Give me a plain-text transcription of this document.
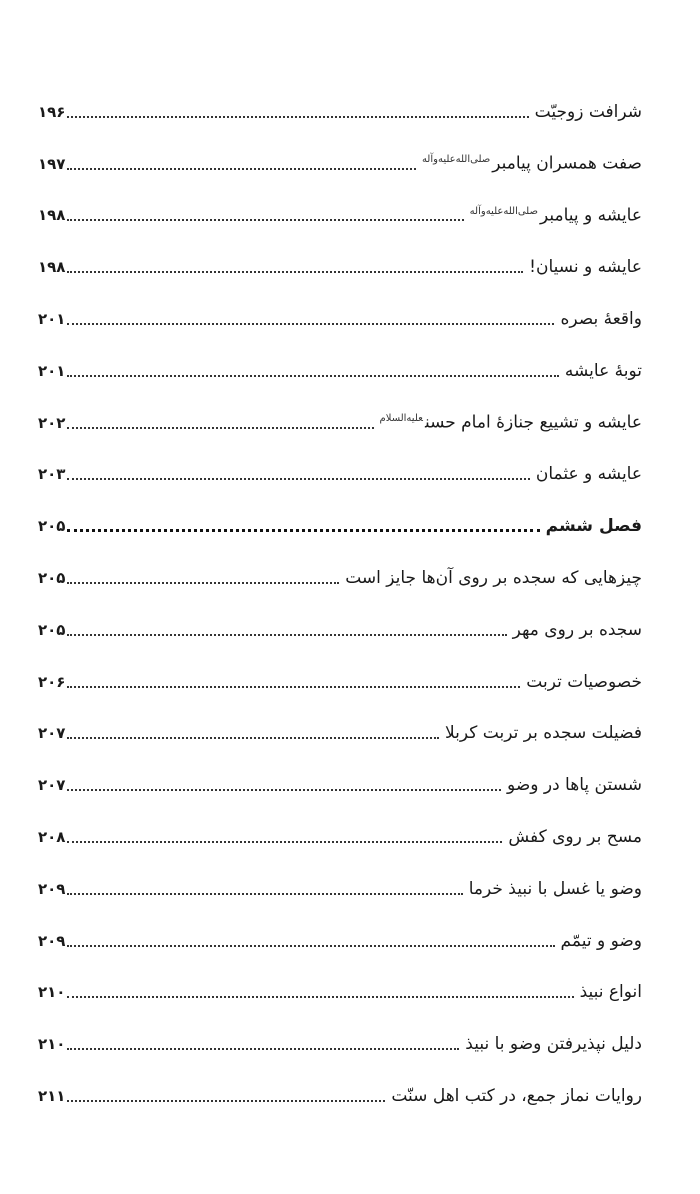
شرافت زوجیّت
۱۹۶
صفت همسران پیامبر$^{صلی‌الله‌علیه‌وآله}$
۱۹۷
عایشه و پیامبر$^{صلی‌الله‌علیه‌وآله}$
۱۹۸
عایشه و نسیان!
۱۹۸
واقعهٔ بصره
۲۰۱
توبهٔ عایشه
۲۰۱
عایشه و تشییع جنازهٔ امام حسن$^{علیه‌السلام}$
۲۰۲
عایشه و عثمان
۲۰۳
فصل ششم
۲۰۵
چیزهایی که سجده بر روی آن‌ها جایز است
۲۰۵
سجده بر روی مهر
۲۰۵
خصوصیات تربت
۲۰۶
فضیلت سجده بر تربت کربلا
۲۰۷
شستن پاها در وضو
۲۰۷
مسح بر روی کفش
۲۰۸
وضو یا غسل با نبیذ خرما
۲۰۹
وضو و تیمّم
۲۰۹
انواع نبیذ
۲۱۰
دلیل نپذیرفتن وضو با نبیذ
۲۱۰
روایات نماز جمع، در کتب اهل سنّت
۲۱۱
